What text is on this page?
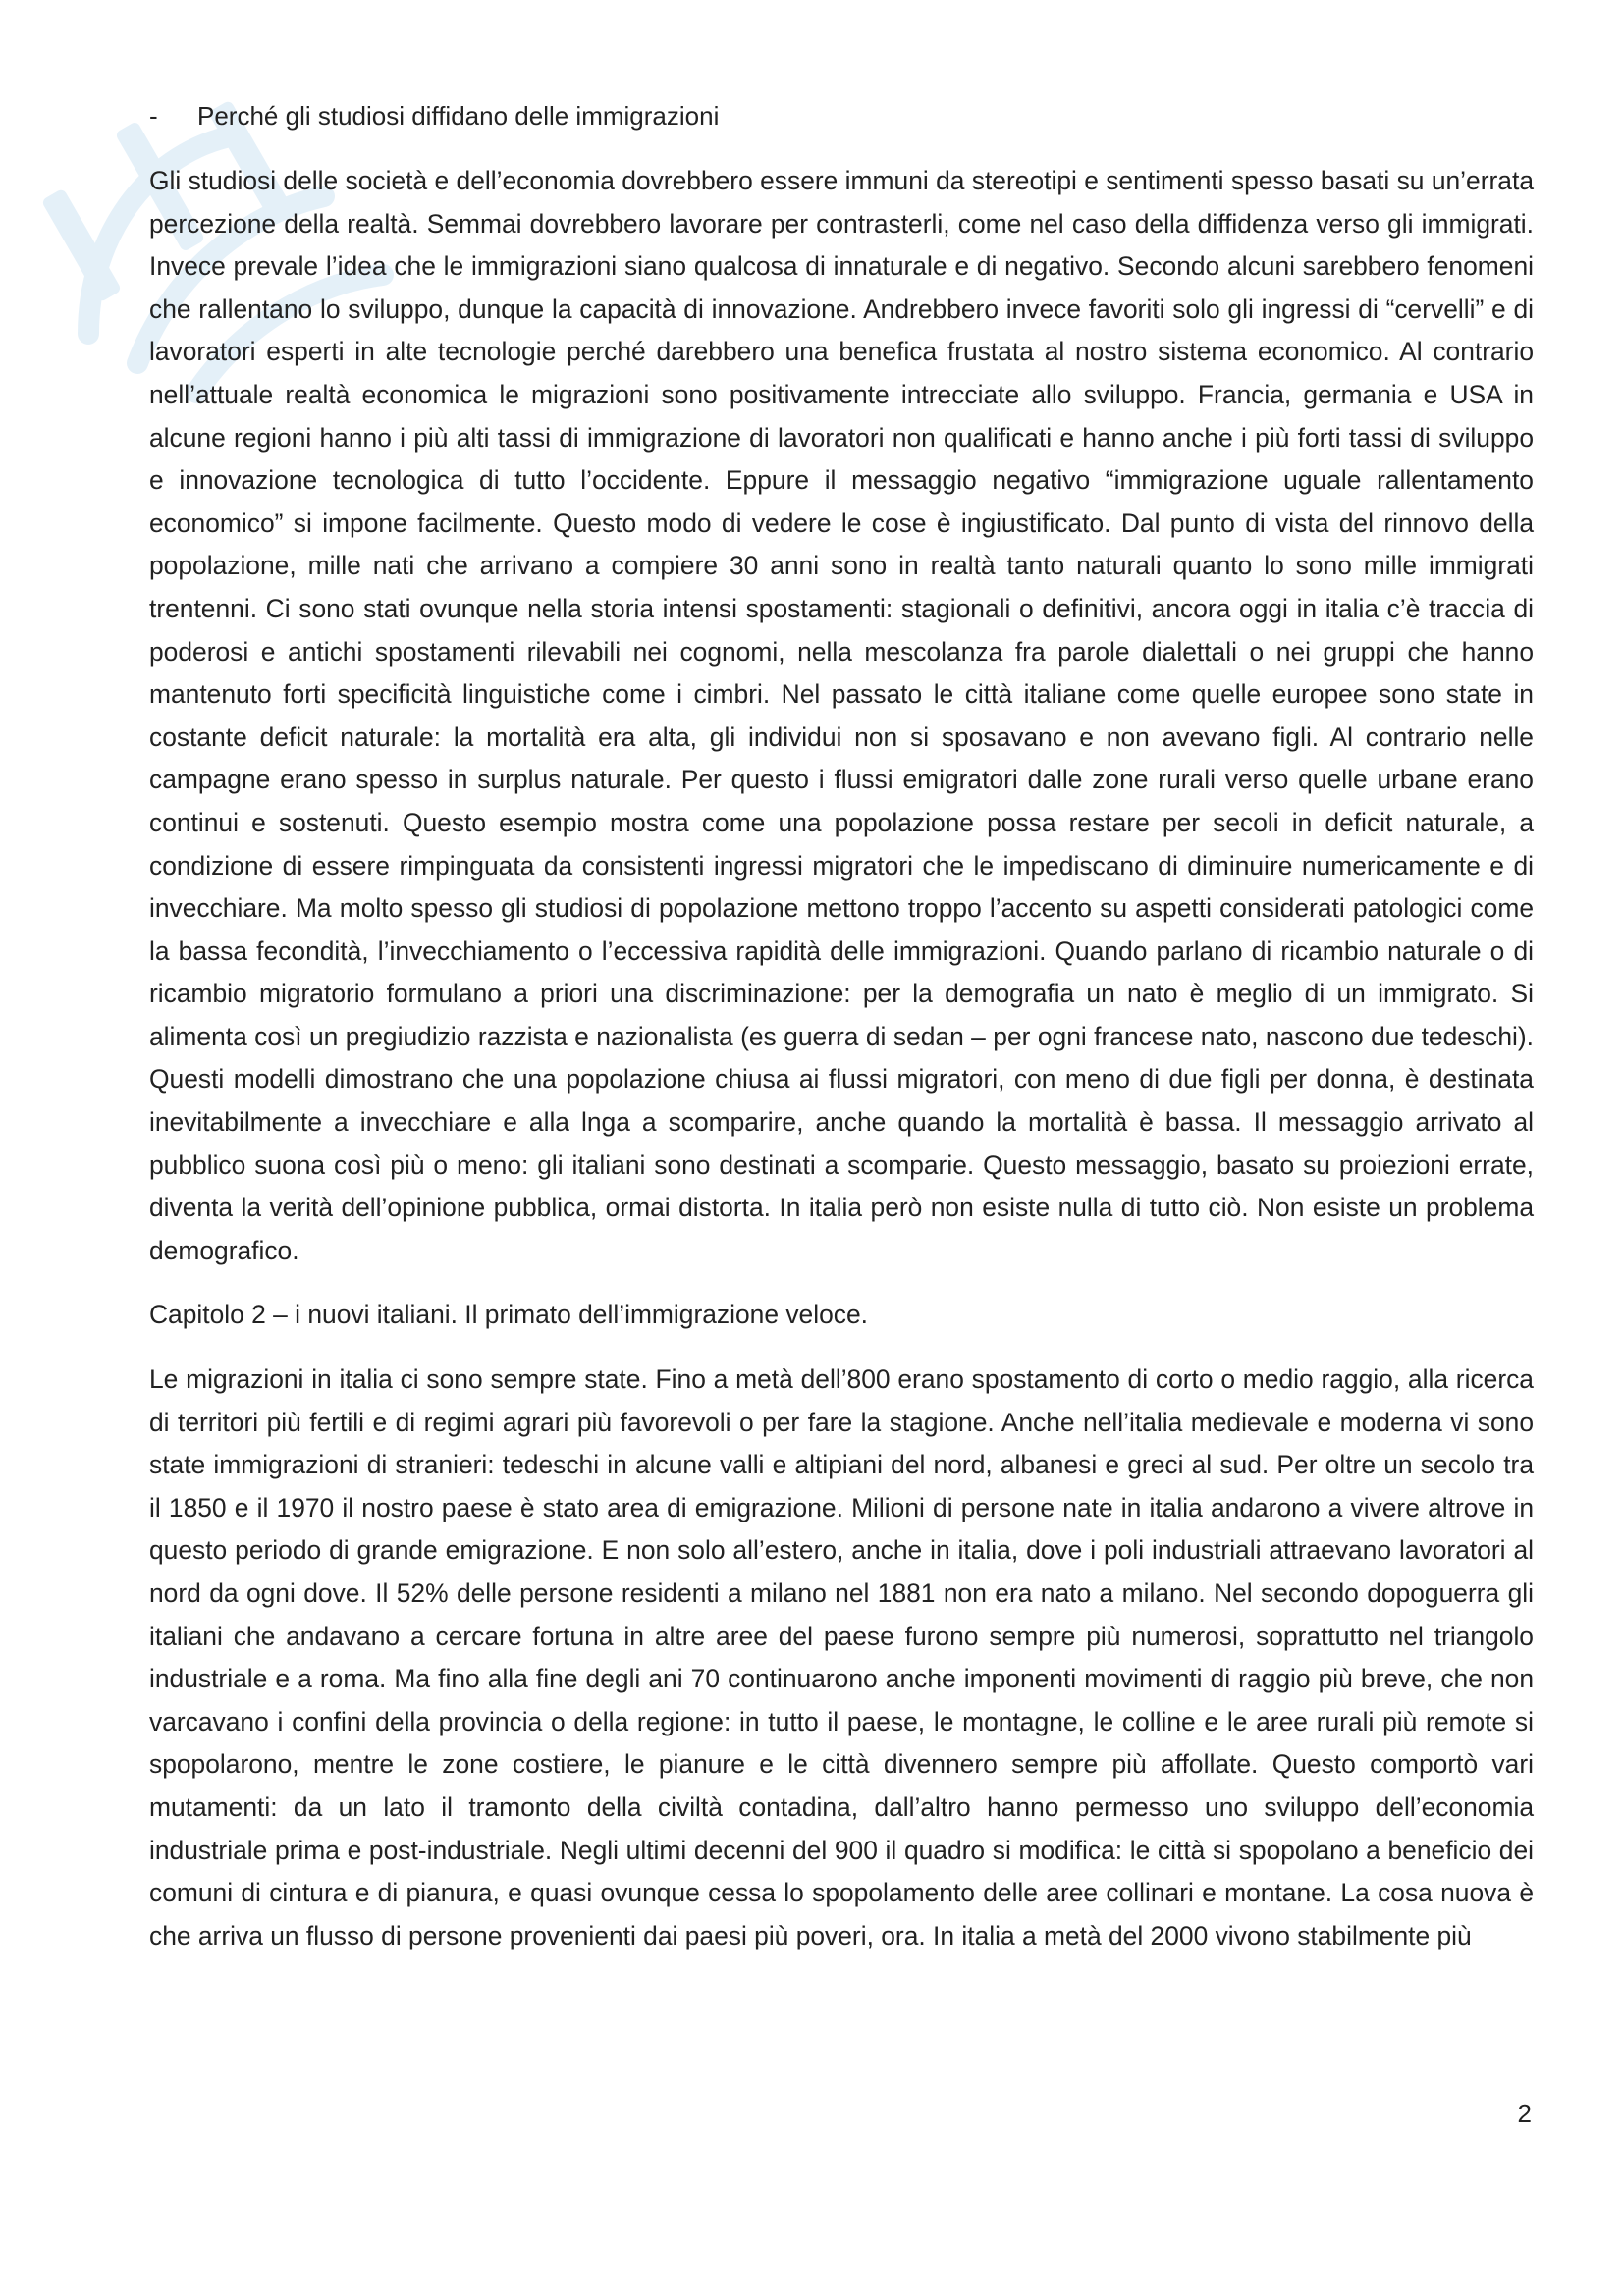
-	Perché gli studiosi diffidano delle immigrazioni

Gli studiosi delle società e dell’economia dovrebbero essere immuni da stereotipi e sentimenti spesso basati su un’errata percezione della realtà. Semmai dovrebbero lavorare per contrasterli, come nel caso della diffidenza verso gli immigrati. Invece prevale l’idea che le immigrazioni siano qualcosa di innaturale e di negativo. Secondo alcuni sarebbero fenomeni che rallentano lo sviluppo, dunque la capacità di innovazione. Andrebbero invece favoriti solo gli ingressi di “cervelli” e di lavoratori esperti in alte tecnologie perché darebbero una benefica frustata al nostro sistema economico. Al contrario nell’attuale realtà economica le migrazioni sono positivamente intrecciate allo sviluppo. Francia, germania e USA in alcune regioni hanno i più alti tassi di immigrazione di lavoratori non qualificati e hanno anche i più forti tassi di sviluppo e innovazione tecnologica di tutto l’occidente. Eppure il messaggio negativo “immigrazione uguale rallentamento economico” si impone facilmente. Questo modo di vedere le cose è ingiustificato. Dal punto di vista del rinnovo della popolazione, mille nati che arrivano a compiere 30 anni sono in realtà tanto naturali quanto lo sono mille immigrati trentenni. Ci sono stati ovunque nella storia intensi spostamenti: stagionali o definitivi, ancora oggi in italia c’è traccia di poderosi e antichi spostamenti rilevabili nei cognomi, nella mescolanza fra parole dialettali o nei gruppi che hanno mantenuto forti specificità linguistiche come i cimbri. Nel passato le città italiane come quelle europee sono state in costante deficit naturale: la mortalità era alta, gli individui non si sposavano e non avevano figli. Al contrario nelle campagne erano spesso in surplus naturale. Per questo i flussi emigratori dalle zone rurali verso quelle urbane erano continui e sostenuti. Questo esempio mostra come una popolazione possa restare per secoli in deficit naturale, a condizione di essere rimpinguata da consistenti ingressi migratori che le impediscano di diminuire numericamente e di invecchiare. Ma molto spesso gli studiosi di popolazione mettono troppo l’accento su aspetti considerati patologici come la bassa fecondità, l’invecchiamento o l’eccessiva rapidità delle immigrazioni. Quando parlano di ricambio naturale o di ricambio migratorio formulano a priori una discriminazione: per la demografia un nato è meglio di un immigrato. Si alimenta così un pregiudizio razzista e nazionalista (es guerra di sedan – per ogni francese nato, nascono due tedeschi). Questi modelli dimostrano che una popolazione chiusa ai flussi migratori, con meno di due figli per donna, è destinata inevitabilmente a invecchiare e alla lnga a scomparire, anche quando la mortalità è bassa. Il messaggio arrivato al pubblico suona così più o meno: gli italiani sono destinati a scomparie. Questo messaggio, basato su proiezioni errate, diventa la verità dell’opinione pubblica, ormai distorta. In italia però non esiste nulla di tutto ciò. Non esiste un problema demografico.

Capitolo 2 – i nuovi italiani. Il primato dell’immigrazione veloce.

Le migrazioni in italia ci sono sempre state. Fino a metà dell’800 erano spostamento di corto o medio raggio, alla ricerca di territori più fertili e di regimi agrari più favorevoli o per fare la stagione. Anche nell’italia medievale e moderna vi sono state immigrazioni di stranieri: tedeschi in alcune valli e altipiani del nord, albanesi e greci al sud. Per oltre un secolo tra il 1850 e il 1970 il nostro paese è stato area di emigrazione. Milioni di persone nate in italia andarono a vivere altrove in questo periodo di grande emigrazione. E non solo all’estero, anche in italia, dove i poli industriali attraevano lavoratori al nord da ogni dove. Il 52% delle persone residenti a milano nel 1881 non era nato a milano. Nel secondo dopoguerra gli italiani che andavano a cercare fortuna in altre aree del paese furono sempre più numerosi, soprattutto nel triangolo industriale e a roma. Ma fino alla fine degli ani 70 continuarono anche imponenti movimenti di raggio più breve, che non varcavano i confini della provincia o della regione: in tutto il paese, le montagne, le colline e le aree rurali più remote si spopolarono, mentre le zone costiere, le pianure e le città divennero sempre più affollate. Questo comportò vari mutamenti: da un lato il tramonto della civiltà contadina, dall’altro hanno permesso uno sviluppo dell’economia industriale prima e post-industriale. Negli ultimi decenni del 900 il quadro si modifica: le città si spopolano a beneficio dei comuni di cintura e di pianura, e quasi ovunque cessa lo spopolamento delle aree collinari e montane. La cosa nuova è che arriva un flusso di persone provenienti dai paesi più poveri, ora. In italia a metà del 2000 vivono stabilmente più

2
